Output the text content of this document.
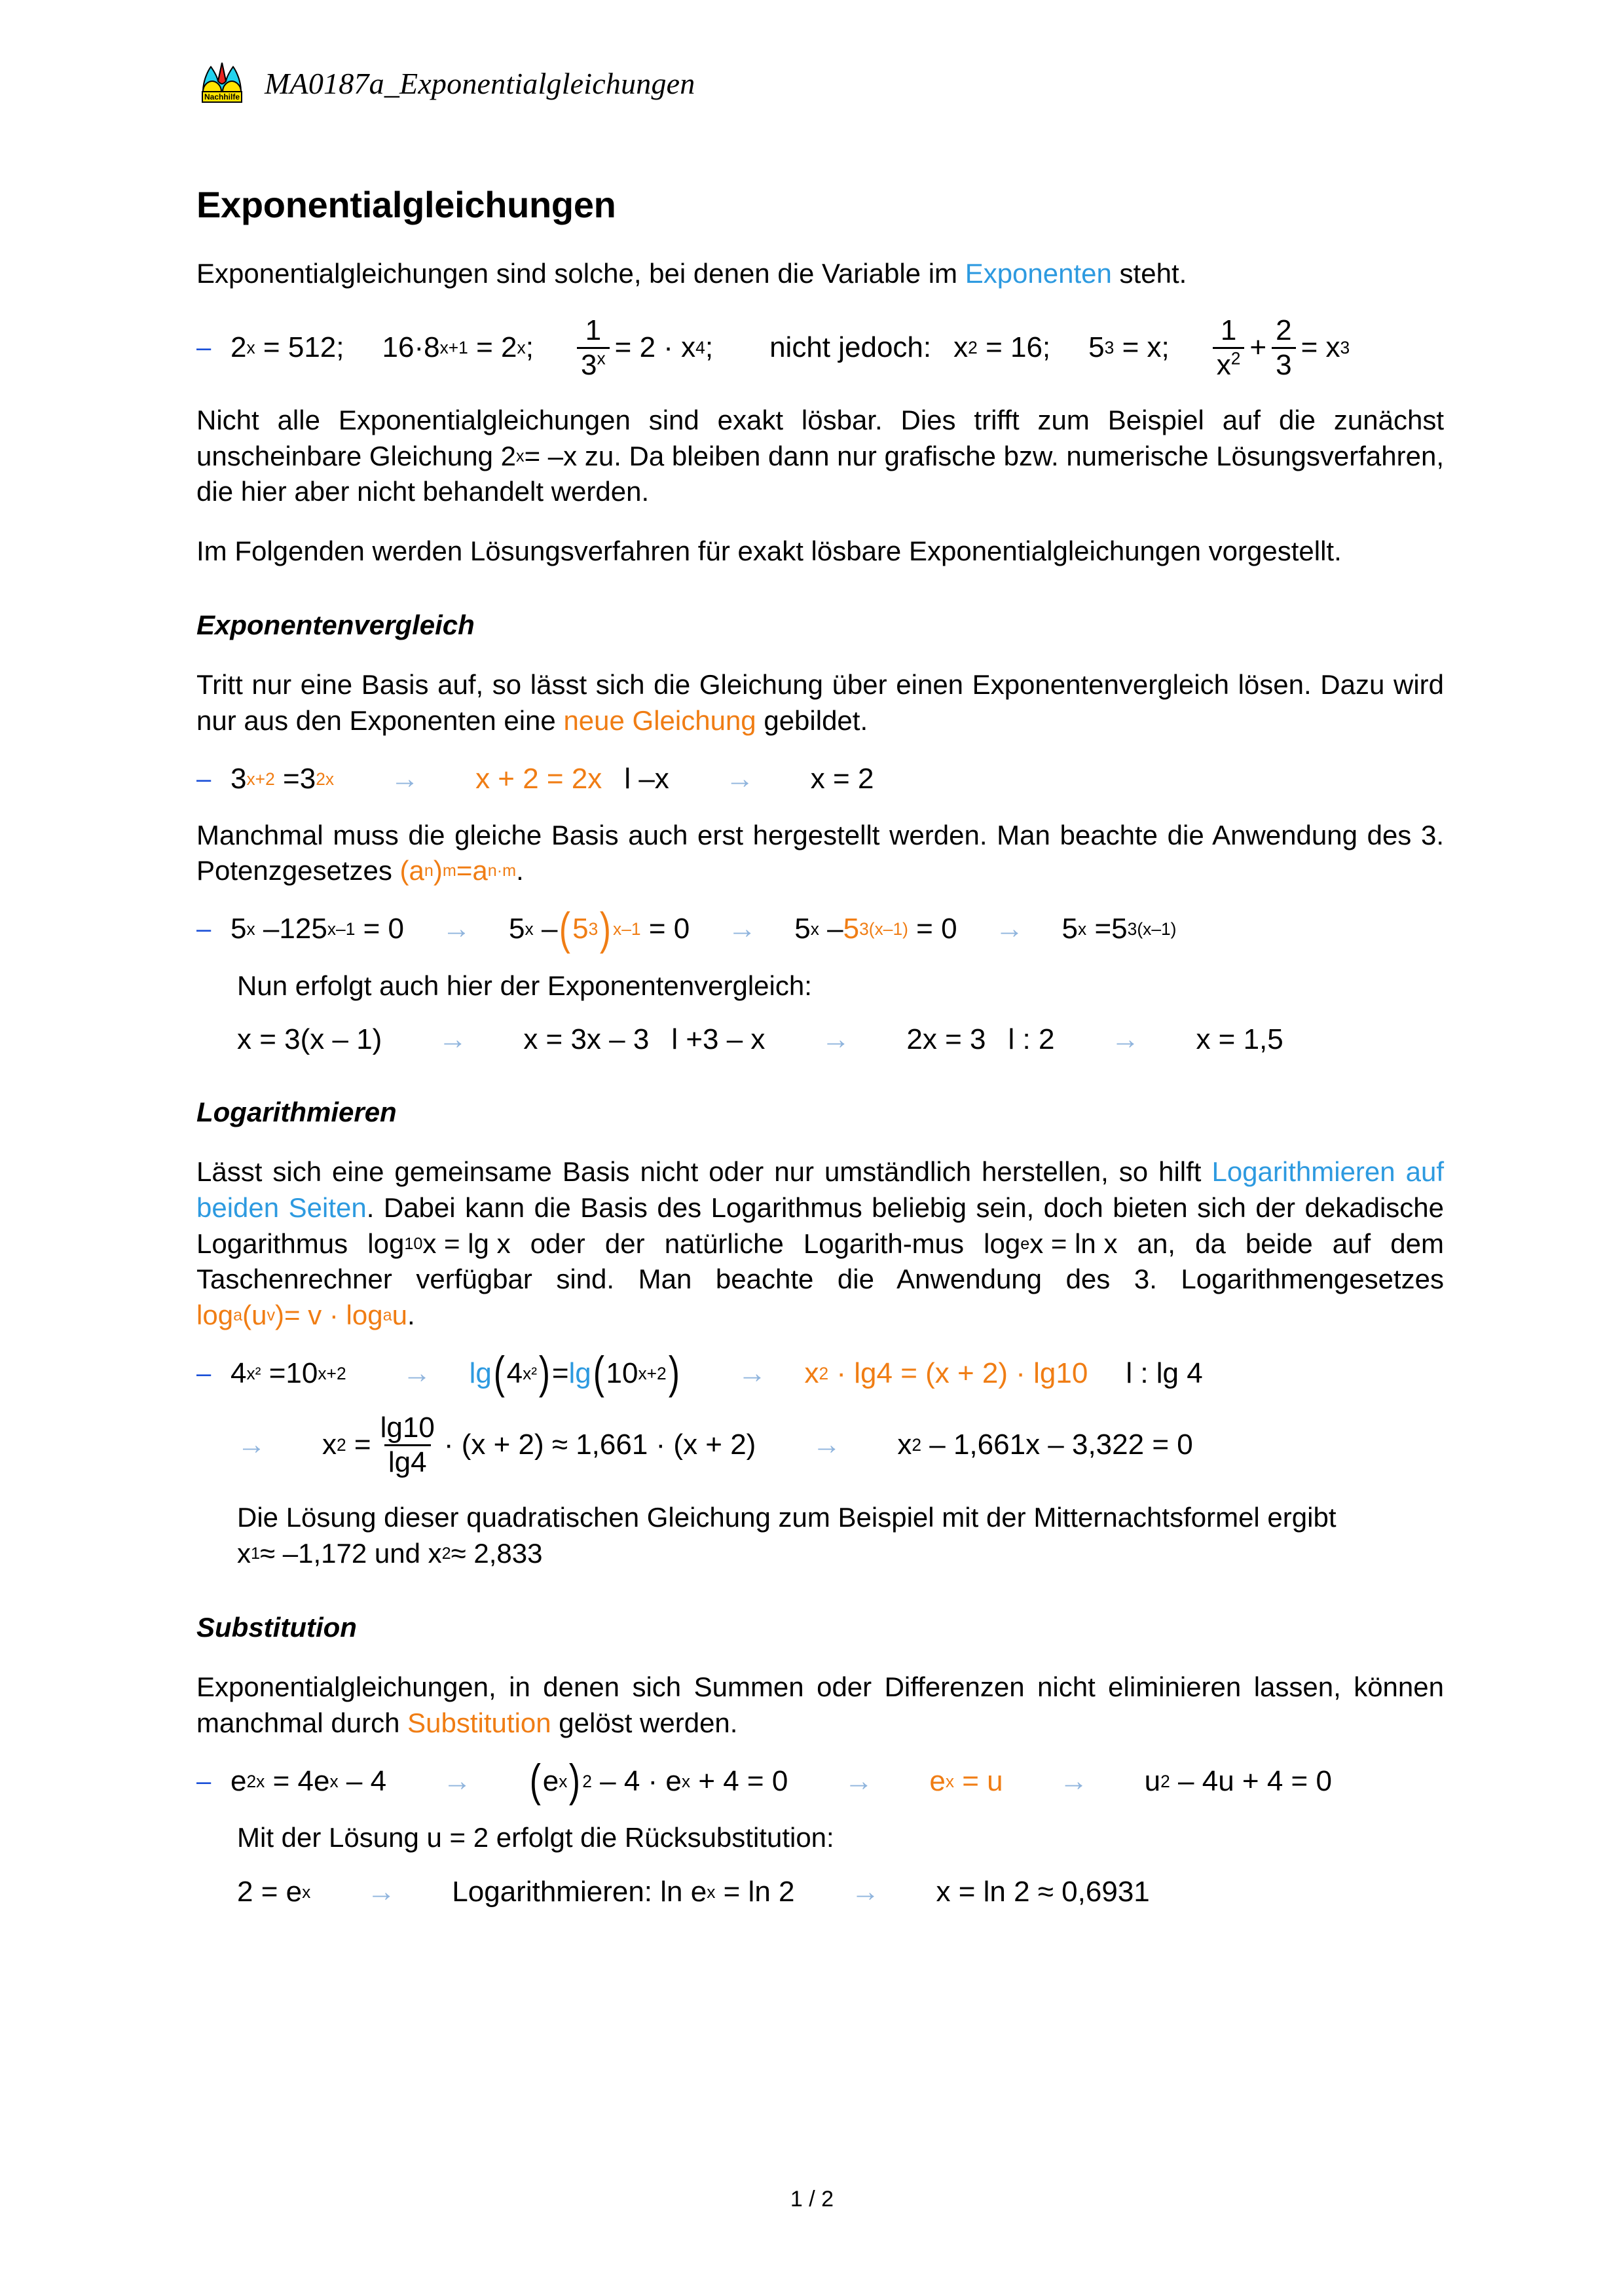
Nachhilfe MA0187a_Exponentialgleichungen
Exponentialgleichungen

Exponentialgleichungen sind solche, bei denen die Variable im Exponenten steht.

– 2 x
= 512; 16 · 8 x+1
=
2 x ; $\frac{1}{3^x} = 2 \cdot x$ 4 ; nicht jedoch: x 2
= 16; 5 3
= x; $\frac{1}{x^2} + \frac{2}{3}$ =
x 3

Nicht alle Exponentialgleichungen sind exakt lösbar. Dies trifft zum Beispiel auf die zunächst unscheinbare Gleichung 2 x = –x zu. Da bleiben dann nur grafische bzw. numerische Lösungsverfahren, die hier aber nicht behandelt werden.

Im Folgenden werden Lösungsverfahren für exakt lösbare Exponentialgleichungen vorgestellt.

Exponentenvergleich

Tritt nur eine Basis auf, so lässt sich die Gleichung über einen Exponentenvergleich lösen. Dazu wird nur aus den Exponenten eine neue Gleichung gebildet.

– 3 x+2
= 3 2x → x + 2 = 2x l –x → x = 2

Manchmal muss die gleiche Basis auch erst hergestellt werden. Man beachte die Anwendung des 3. Potenzgesetzes ( a n ) m = a n·m .

– 5 x
– 125 x–1
= 0 → 5 x
– ( 5 3 ) x–1
= 0 → 5 x
– 5 3(x–1)
= 0 → 5 x
= 5 3(x–1)

Nun erfolgt auch hier der Exponentenvergleich:

x = 3(x – 1) → x = 3x – 3 l +3 – x → 2x = 3 l : 2 → x = 1,5
Logarithmieren

Lässt sich eine gemeinsame Basis nicht oder nur umständlich herstellen, so hilft Logarithmieren auf beiden Seiten. Dabei kann die Basis des Logarithmus beliebig sein, doch bieten sich der dekadische Logarithmus log 10 x = lg x oder der natürliche Logarith-mus log e x = ln x an, da beide auf dem Taschenrechner verfügbar sind. Man beachte die Anwendung des 3. Logarithmengesetzes
log a (u v ) = v · log a u .

– 4 x²
= 10 x+2 → lg ( 4 x² ) = lg ( 10 x+2 ) → x 2
· lg4 = (x + 2) · lg10 l : lg 4
→ x 2
= $\frac{\lg 10}{\lg 4} \cdot (x + 2) \approx 1,661 \cdot (x + 2) \to x$ 2
– 1,661x – 3,322 = 0

Die Lösung dieser quadratischen Gleichung zum Beispiel mit der Mitternachtsformel ergibt
x 1 ≈ –1,172 und x 2 ≈ 2,833

Substitution

Exponentialgleichungen, in denen sich Summen oder Differenzen nicht eliminieren lassen, können manchmal durch Substitution gelöst werden.

– e 2x
= 4e x
– 4 → ( e x ) 2
– 4 · e x
+ 4 = 0 → e x
= u → u 2
– 4u + 4 = 0

Mit der Lösung u = 2 erfolgt die Rücksubstitution:

2 = e x → Logarithmieren: ln e x
= ln 2 → x = ln 2 ≈ 0,6931
1 / 2
